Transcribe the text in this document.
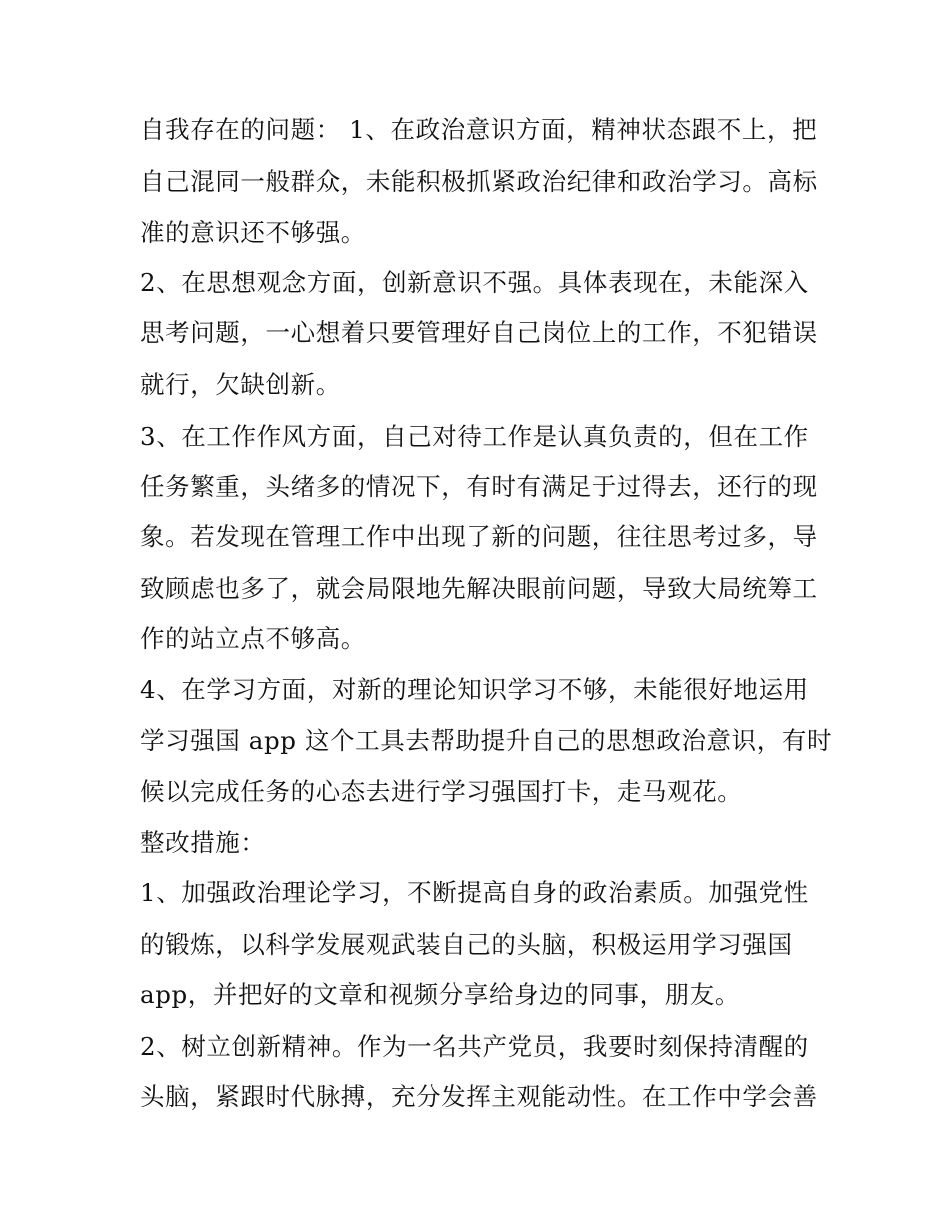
自我存在的问题： 1、在政治意识方面，精神状态跟不上，把
自己混同一般群众，未能积极抓紧政治纪律和政治学习。高标
准的意识还不够强。
2、在思想观念方面，创新意识不强。具体表现在，未能深入
思考问题，一心想着只要管理好自己岗位上的工作，不犯错误
就行，欠缺创新。
3、在工作作风方面，自己对待工作是认真负责的，但在工作
任务繁重，头绪多的情况下，有时有满足于过得去，还行的现
象。若发现在管理工作中出现了新的问题，往往思考过多，导
致顾虑也多了，就会局限地先解决眼前问题，导致大局统筹工
作的站立点不够高。
4、在学习方面，对新的理论知识学习不够，未能很好地运用
学习强国 app 这个工具去帮助提升自己的思想政治意识，有时
候以完成任务的心态去进行学习强国打卡，走马观花。
整改措施：
1、加强政治理论学习，不断提高自身的政治素质。加强党性
的锻炼，以科学发展观武装自己的头脑，积极运用学习强国
app，并把好的文章和视频分享给身边的同事，朋友。
2、树立创新精神。作为一名共产党员，我要时刻保持清醒的
头脑，紧跟时代脉搏，充分发挥主观能动性。在工作中学会善
